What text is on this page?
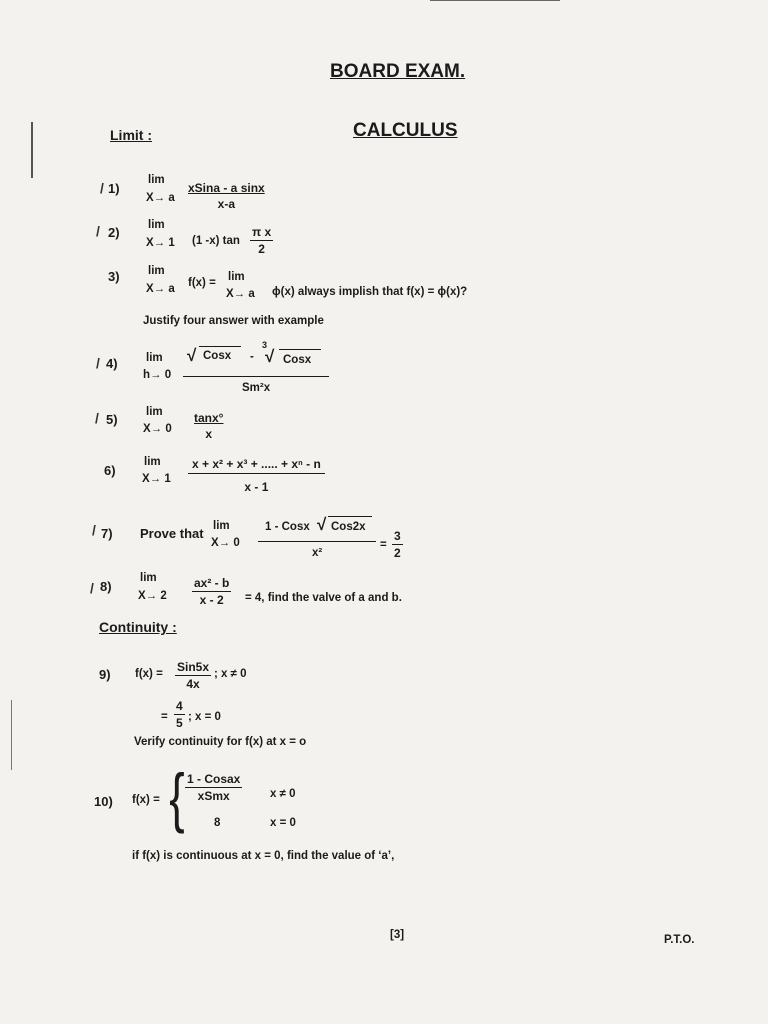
BOARD EXAM.
CALCULUS
Limit :
1)
/	lim
X→ a
xSina - a sinx
x-a
2)
/	lim
X→ 1 (1 -x) $\tan \frac{\text{π x}}{2}$
3) lim
X→ a f(x) = lim
X→ a ϕ(x) always implish that f(x) = ϕ(x)?
Justify four answer with example
4)
/	lim
h→ 0
√ Cosx -
3
√ Cosx
Sm²x
5)
/	lim
$X\to 0 \frac{\tan x^\circ}{x}$
6)
lim
$X\to 1 \frac{\text{x + x² + x³ + ..... + xⁿ - n}}{x - 1}$
7)
/	Prove that lim
X→ 0
1 - Cosx √ Cos2x
x²
= $\frac{3}{2}$
8)
/
lim
$X\to 2 \frac{\text{ax² - b}}{x - 2} = 4$, find the valve of a and b.
Continuity :
9) f(x) = Sin5x
4x
; x ≠ 0
= $\frac{4}{5}$ ; x = 0
Verify continuity for f(x) at x = o
10) f(x) = { 1 - Cosax
xSmx	x ≠ 0
8	x = 0
if f(x) is continuous at x = 0, find the value of ‘a’,
[3]	P.T.O.
